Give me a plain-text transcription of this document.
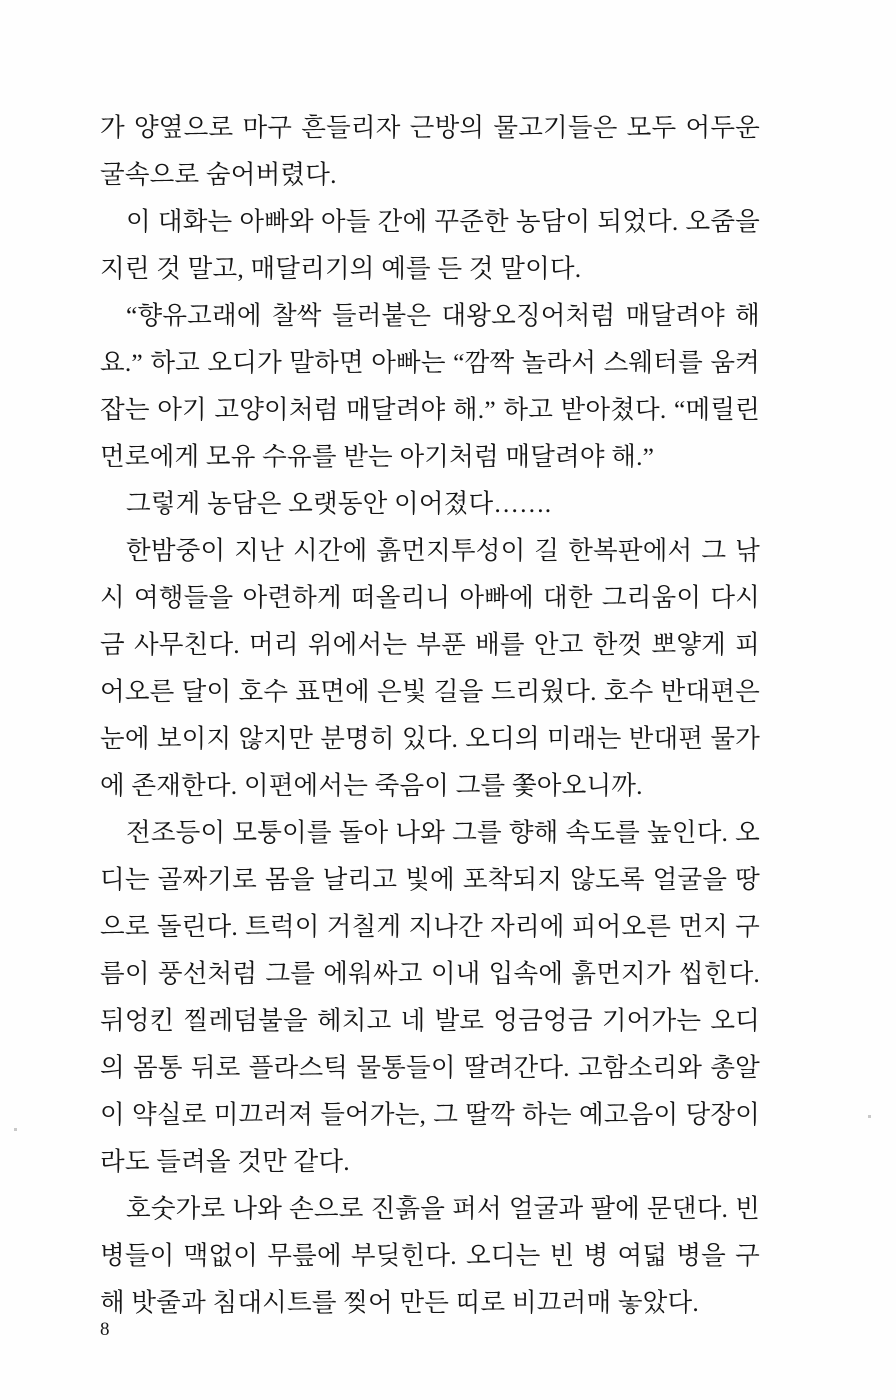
가 양옆으로 마구 흔들리자 근방의 물고기들은 모두 어두운 굴속으로 숨어버렸다.

이 대화는 아빠와 아들 간에 꾸준한 농담이 되었다. 오줌을 지린 것 말고, 매달리기의 예를 든 것 말이다.

“향유고래에 찰싹 들러붙은 대왕오징어처럼 매달려야 해요.” 하고 오디가 말하면 아빠는 “깜짝 놀라서 스웨터를 움켜잡는 아기 고양이처럼 매달려야 해.” 하고 받아쳤다. “메릴린 먼로에게 모유 수유를 받는 아기처럼 매달려야 해.”

그렇게 농담은 오랫동안 이어졌다…….

한밤중이 지난 시간에 흙먼지투성이 길 한복판에서 그 낚시 여행들을 아련하게 떠올리니 아빠에 대한 그리움이 다시금 사무친다. 머리 위에서는 부푼 배를 안고 한껏 뽀얗게 피어오른 달이 호수 표면에 은빛 길을 드리웠다. 호수 반대편은 눈에 보이지 않지만 분명히 있다. 오디의 미래는 반대편 물가에 존재한다. 이편에서는 죽음이 그를 쫓아오니까.

전조등이 모퉁이를 돌아 나와 그를 향해 속도를 높인다. 오디는 골짜기로 몸을 날리고 빛에 포착되지 않도록 얼굴을 땅으로 돌린다. 트럭이 거칠게 지나간 자리에 피어오른 먼지 구름이 풍선처럼 그를 에워싸고 이내 입속에 흙먼지가 씹힌다. 뒤엉킨 찔레덤불을 헤치고 네 발로 엉금엉금 기어가는 오디의 몸통 뒤로 플라스틱 물통들이 딸려간다. 고함소리와 총알이 약실로 미끄러져 들어가는, 그 딸깍 하는 예고음이 당장이라도 들려올 것만 같다.

호숫가로 나와 손으로 진흙을 퍼서 얼굴과 팔에 문댄다. 빈 병들이 맥없이 무릎에 부딪힌다. 오디는 빈 병 여덟 병을 구해 밧줄과 침대시트를 찢어 만든 띠로 비끄러매 놓았다.

8
